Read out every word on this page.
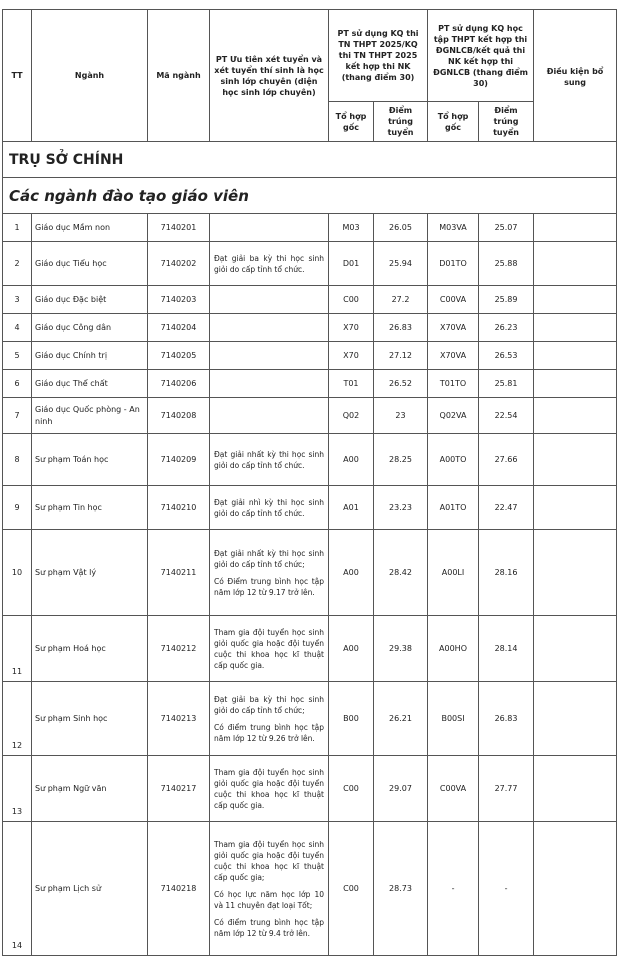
TT	Ngành	Mã ngành	PT Ưu tiên xét tuyển và xét tuyển thí sinh là học sinh lớp chuyên (diện học sinh lớp chuyên)	PT sử dụng KQ thi TN THPT 2025/KQ thi TN THPT 2025 kết hợp thi NK (thang điểm 30)		PT sử dụng KQ học tập THPT kết hợp thi ĐGNLCB/kết quả thi NK kết hợp thi ĐGNLCB (thang điểm 30)		Điều kiện bổ sung
				Tổ hợp gốc	Điểm trúng tuyển	Tổ hợp gốc	Điểm trúng tuyển	
TRỤ SỞ CHÍNH								
Các ngành đào tạo giáo viên								
1	Giáo dục Mầm non	7140201		M03	26.05	M03VA	25.07	
2	Giáo dục Tiểu học	7140202	Đạt giải ba kỳ thi học sinh giỏi do cấp tỉnh tổ chức.	D01	25.94	D01TO	25.88	
3	Giáo dục Đặc biệt	7140203		C00	27.2	C00VA	25.89	
4	Giáo dục Công dân	7140204		X70	26.83	X70VA	26.23	
5	Giáo dục Chính trị	7140205		X70	27.12	X70VA	26.53	
6	Giáo dục Thể chất	7140206		T01	26.52	T01TO	25.81	
7	Giáo dục Quốc phòng - An ninh	7140208		Q02	23	Q02VA	22.54	
8	Sư phạm Toán học	7140209	Đạt giải nhất kỳ thi học sinh giỏi do cấp tỉnh tổ chức.	A00	28.25	A00TO	27.66	
9	Sư phạm Tin học	7140210	Đạt giải nhì kỳ thi học sinh giỏi do cấp tỉnh tổ chức.	A01	23.23	A01TO	22.47	
10	Sư phạm Vật lý	7140211	Đạt giải nhất kỳ thi học sinh giỏi do cấp tỉnh tổ chức;

Có Điểm trung bình học tập năm lớp 12 từ 9.17 trở lên.	A00	28.42	A00LI	28.16	
11	Sư phạm Hoá học	7140212	Tham gia đội tuyển học sinh giỏi quốc gia hoặc đội tuyển cuộc thi khoa học kĩ thuật cấp quốc gia.	A00	29.38	A00HO	28.14	
12	Sư phạm Sinh học	7140213	Đạt giải ba kỳ thi học sinh giỏi do cấp tỉnh tổ chức;

Có điểm trung bình học tập năm lớp 12 từ 9.26 trở lên.	B00	26.21	B00SI	26.83	
13	Sư phạm Ngữ văn	7140217	Tham gia đội tuyển học sinh giỏi quốc gia hoặc đội tuyển cuộc thi khoa học kĩ thuật cấp quốc gia.	C00	29.07	C00VA	27.77	
14	Sư phạm Lịch sử	7140218	Tham gia đội tuyển học sinh giỏi quốc gia hoặc đội tuyển cuộc thi khoa học kĩ thuật cấp quốc gia;

Có học lực năm học lớp 10 và 11 chuyên đạt loại Tốt;

Có điểm trung bình học tập năm lớp 12 từ 9.4 trở lên.	C00	28.73	-	-	
